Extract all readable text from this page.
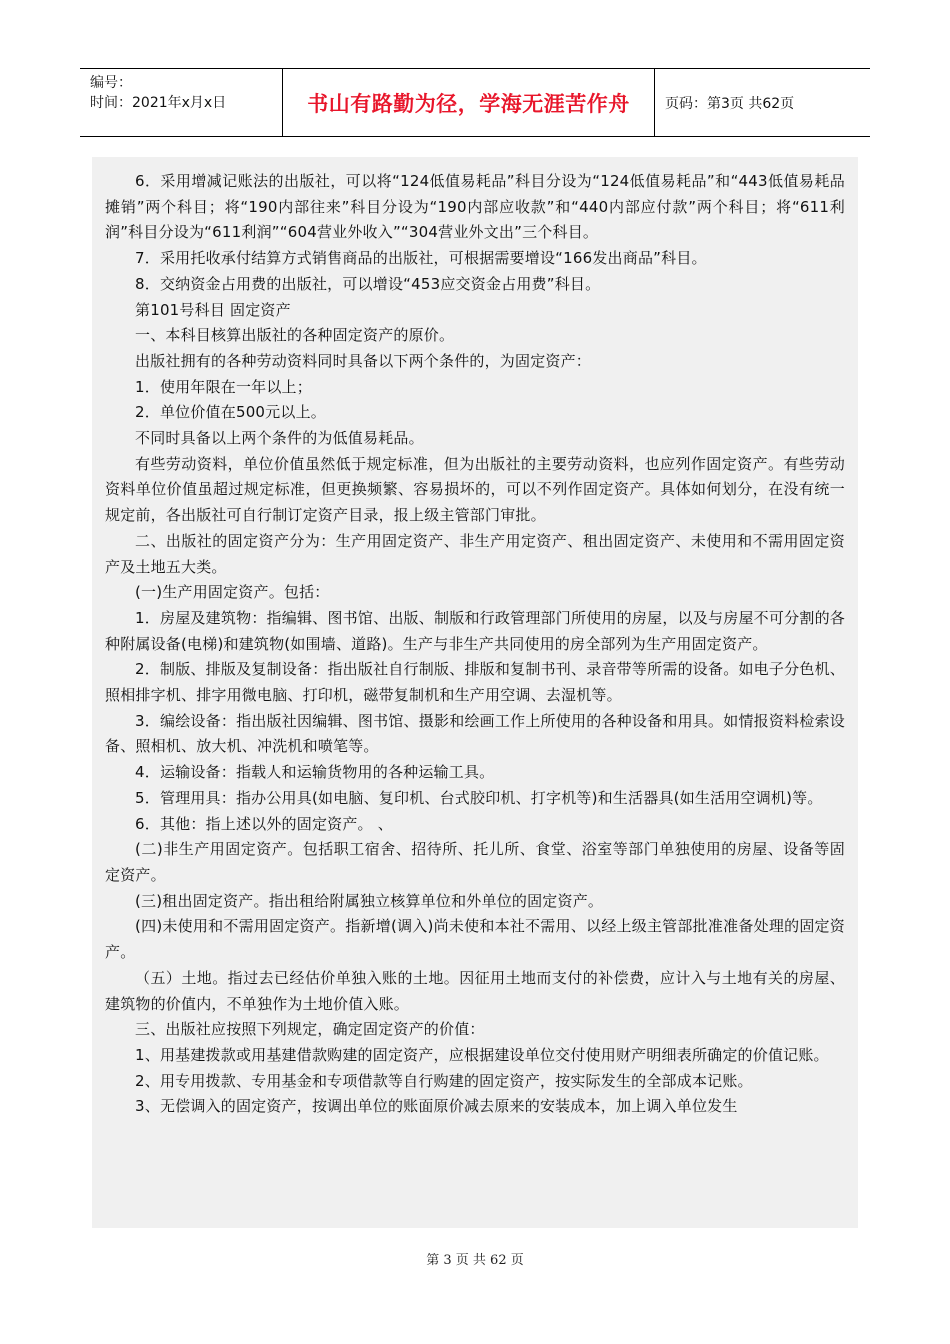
编号：
时间：2021年x月x日	书山有路勤为径，学海无涯苦作舟	页码：第3页 共62页

6．采用增减记账法的出版社，可以将“124低值易耗品”科目分设为“124低值易耗品”和“443低值易耗品摊销”两个科目；将“190内部往来”科目分设为“190内部应收款”和“440内部应付款”两个科目；将“611利润”科目分设为“611利润”“604营业外收入”“304营业外文出”三个科目。

7．采用托收承付结算方式销售商品的出版社，可根据需要增设“166发出商品”科目。

8．交纳资金占用费的出版社，可以增设“453应交资金占用费”科目。

第101号科目 固定资产

一、本科目核算出版社的各种固定资产的原价。

出版社拥有的各种劳动资料同时具备以下两个条件的，为固定资产：

1．使用年限在一年以上；

2．单位价值在500元以上。

不同时具备以上两个条件的为低值易耗品。

有些劳动资料，单位价值虽然低于规定标准，但为出版社的主要劳动资料，也应列作固定资产。有些劳动资料单位价值虽超过规定标准，但更换频繁、容易损坏的，可以不列作固定资产。具体如何划分，在没有统一规定前，各出版社可自行制订定资产目录，报上级主管部门审批。

二、出版社的固定资产分为：生产用固定资产、非生产用定资产、租出固定资产、未使用和不需用固定资产及土地五大类。

(一)生产用固定资产。包括：

1．房屋及建筑物：指编辑、图书馆、出版、制版和行政管理部门所使用的房屋，以及与房屋不可分割的各种附属设备(电梯)和建筑物(如围墙、道路)。生产与非生产共同使用的房全部列为生产用固定资产。

2．制版、排版及复制设备：指出版社自行制版、排版和复制书刊、录音带等所需的设备。如电子分色机、照相排字机、排字用微电脑、打印机，磁带复制机和生产用空调、去湿机等。

3．编绘设备：指出版社因编辑、图书馆、摄影和绘画工作上所使用的各种设备和用具。如情报资料检索设备、照相机、放大机、冲洗机和喷笔等。

4．运输设备：指载人和运输货物用的各种运输工具。

5．管理用具：指办公用具(如电脑、复印机、台式胶印机、打字机等)和生活器具(如生活用空调机)等。

6．其他：指上述以外的固定资产。 、

(二)非生产用固定资产。包括职工宿舍、招待所、托儿所、食堂、浴室等部门单独使用的房屋、设备等固定资产。

(三)租出固定资产。指出租给附属独立核算单位和外单位的固定资产。

(四)未使用和不需用固定资产。指新增(调入)尚未使和本社不需用、以经上级主管部批准准备处理的固定资产。

（五）土地。指过去已经估价单独入账的土地。因征用土地而支付的补偿费，应计入与土地有关的房屋、建筑物的价值内，不单独作为土地价值入账。

三、出版社应按照下列规定，确定固定资产的价值：

1、用基建拨款或用基建借款购建的固定资产，应根据建设单位交付使用财产明细表所确定的价值记账。

2、用专用拨款、专用基金和专项借款等自行购建的固定资产，按实际发生的全部成本记账。

3、无偿调入的固定资产，按调出单位的账面原价减去原来的安装成本，加上调入单位发生

第 3 页 共 62 页
